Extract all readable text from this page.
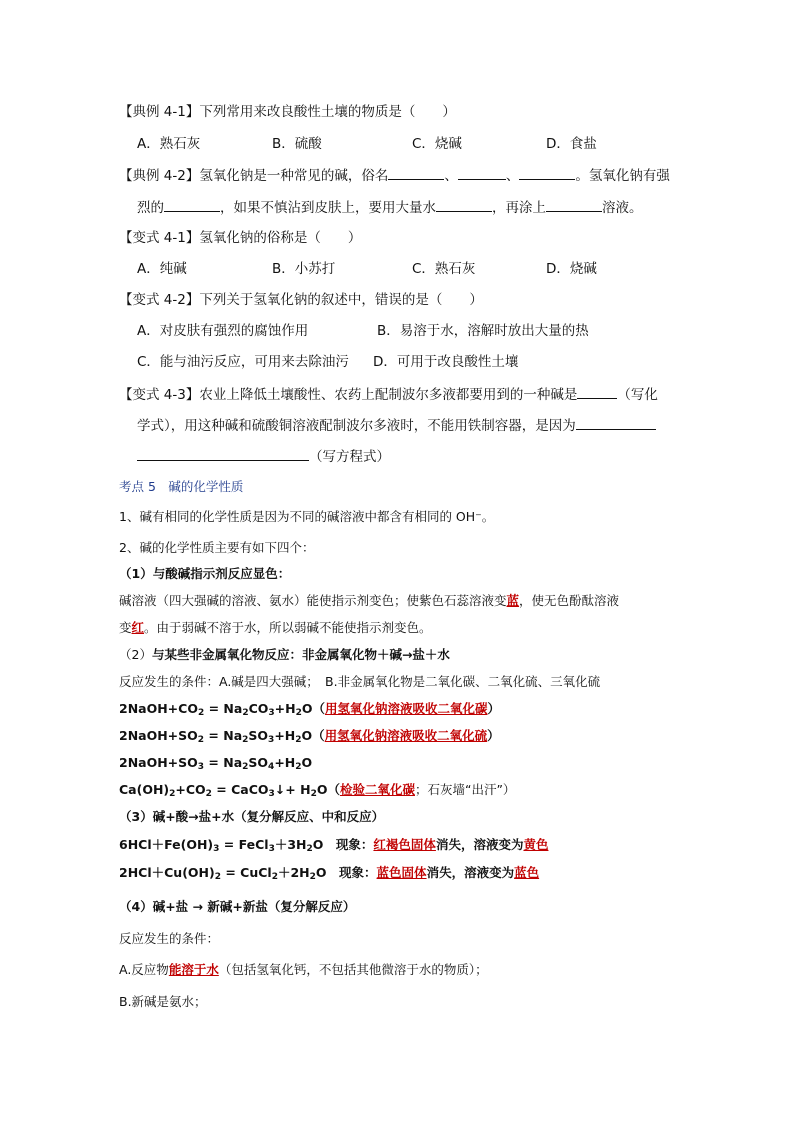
【典例 4-1】下列常用来改良酸性土壤的物质是（　　）
A．熟石灰	B．硫酸	C．烧碱	D．食盐
【典例 4-2】氢氧化钠是一种常见的碱，俗名	、	、	。氢氧化钠有强
烈的	，如果不慎沾到皮肤上，要用大量水	，再涂上	溶液。
【变式 4-1】氢氧化钠的俗称是（　　）
A．纯碱	B．小苏打	C．熟石灰	D．烧碱
【变式 4-2】下列关于氢氧化钠的叙述中，错误的是（　　）
A．对皮肤有强烈的腐蚀作用	B．易溶于水，溶解时放出大量的热
C．能与油污反应，可用来去除油污 D．可用于改良酸性土壤
【变式 4-3】农业上降低土壤酸性、农药上配制波尔多液都要用到的一种碱是	（写化
学式），用这种碱和硫酸铜溶液配制波尔多液时，不能用铁制容器，是因为
（写方程式）
考点 5　碱的化学性质
1、碱有相同的化学性质是因为不同的碱溶液中都含有相同的 OH⁻。
2、碱的化学性质主要有如下四个：
（1）与酸碱指示剂反应显色：
碱溶液（四大强碱的溶液、氨水）能使指示剂变色；使紫色石蕊溶液变蓝，使无色酚酞溶液
变红。由于弱碱不溶于水，所以弱碱不能使指示剂变色。
（2）与某些非金属氧化物反应：非金属氧化物＋碱→盐＋水
反应发生的条件：A.碱是四大强碱；　B.非金属氧化物是二氧化碳、二氧化硫、三氧化硫
$2NaOH+CO_2 = Na_2CO_3+H_2O$（用氢氧化钠溶液吸收二氧化碳）
$2NaOH+SO_2 = Na_2SO_3+H_2O$（用氢氧化钠溶液吸收二氧化硫）
$2NaOH+SO_3 = Na_2SO_4+H_2O$
$Ca(OH)_2+CO_2$ = CaCO$_3$↓+ $H_2O$（检验二氧化碳；石灰墙“出汗”）
（3）碱+酸→盐+水（复分解反应、中和反应）
$6HCl+Fe(OH)_3$ = $FeCl_3+3H_2O$　现象：红褐色固体消失，溶液变为黄色
$2HCl+Cu(OH)_2$ = $CuCl_2+2H_2O$　现象：蓝色固体消失，溶液变为蓝色
（4）碱+盐 → 新碱+新盐（复分解反应）
反应发生的条件：
A.反应物能溶于水（包括氢氧化钙，不包括其他微溶于水的物质）；
B.新碱是氨水；
